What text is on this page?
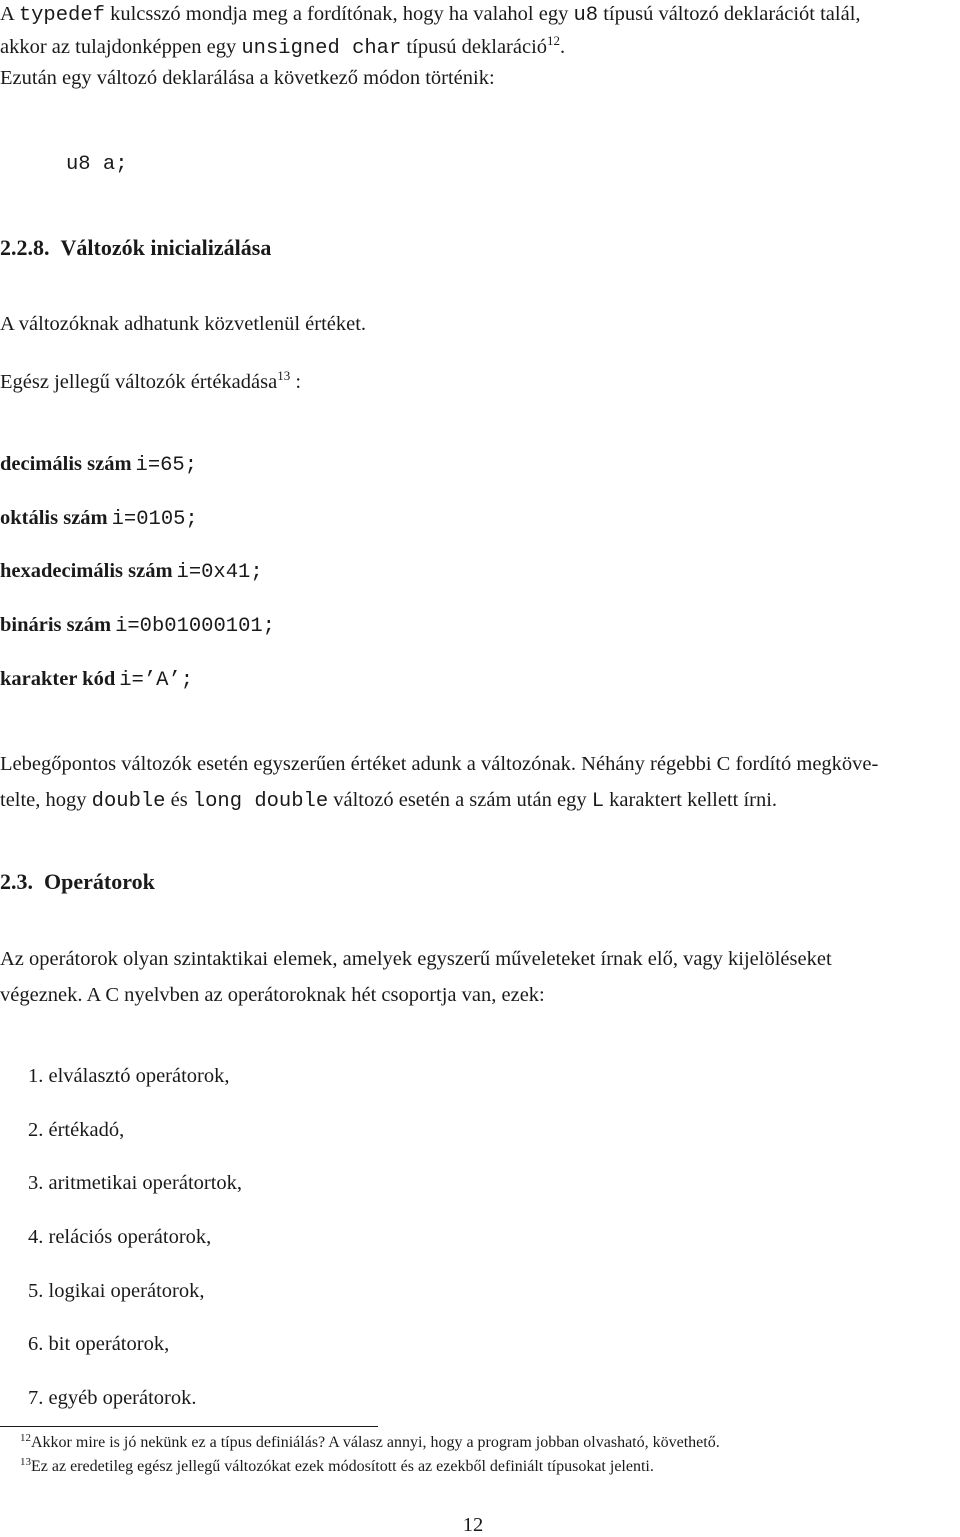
A typedef kulcsszó mondja meg a fordítónak, hogy ha valahol egy u8 típusú változó deklarációt talál,
akkor az tulajdonképpen egy unsigned char típusú deklaráció$^{12}$.
Ezután egy változó deklarálása a következő módon történik:
u8 a;
2.2.8. Változók inicializálása
A változóknak adhatunk közvetlenül értéket.
Egész jellegű változók értékadása$^{13}$ :
decimális szám i=65;
oktális szám i=0105;
hexadecimális szám i=0x41;
bináris szám i=0b01000101;
karakter kód i=’A’;
Lebegőpontos változók esetén egyszerűen értéket adunk a változónak. Néhány régebbi C fordító megköve-
telte, hogy double és long double változó esetén a szám után egy L karaktert kellett írni.
2.3. Operátorok
Az operátorok olyan szintaktikai elemek, amelyek egyszerű műveleteket írnak elő, vagy kijelöléseket
végeznek. A C nyelvben az operátoroknak hét csoportja van, ezek:
1. elválasztó operátorok,
2. értékadó,
3. aritmetikai operátortok,
4. relációs operátorok,
5. logikai operátorok,
6. bit operátorok,
7. egyéb operátorok.
$^{12}$Akkor mire is jó nekünk ez a típus definiálás? A válasz annyi, hogy a program jobban olvasható, követhető.
$^{13}$Ez az eredetileg egész jellegű változókat ezek módosított és az ezekből definiált típusokat jelenti.
12
